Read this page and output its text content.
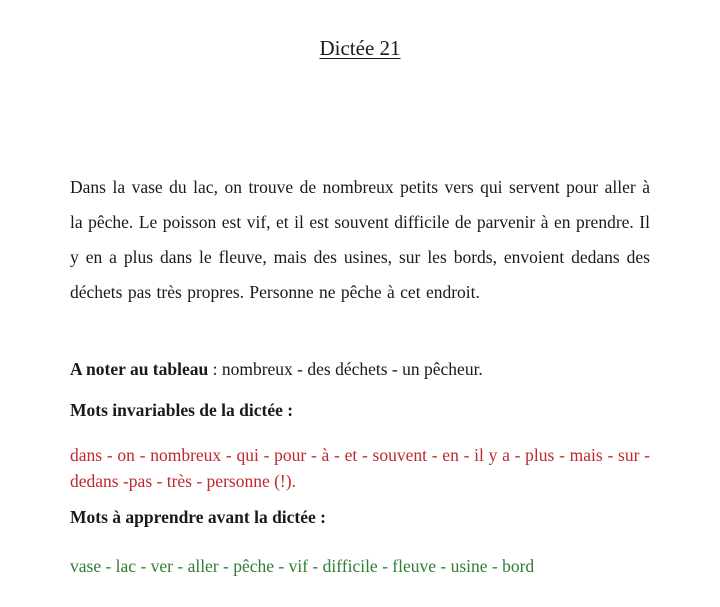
Dictée 21
Dans la vase du lac, on trouve de nombreux petits vers qui servent pour aller à la pêche. Le poisson est vif, et il est souvent difficile de parvenir à en prendre. Il y en a plus dans le fleuve, mais des usines, sur les bords, envoient dedans des déchets pas très propres. Personne ne pêche à cet endroit.
A noter au tableau : nombreux - des déchets - un pêcheur.
Mots invariables de la dictée :
dans - on - nombreux - qui - pour - à - et - souvent - en - il y a - plus - mais - sur - dedans -pas - très - personne (!).
Mots à apprendre avant la dictée :
vase - lac - ver - aller - pêche - vif - difficile - fleuve - usine - bord
